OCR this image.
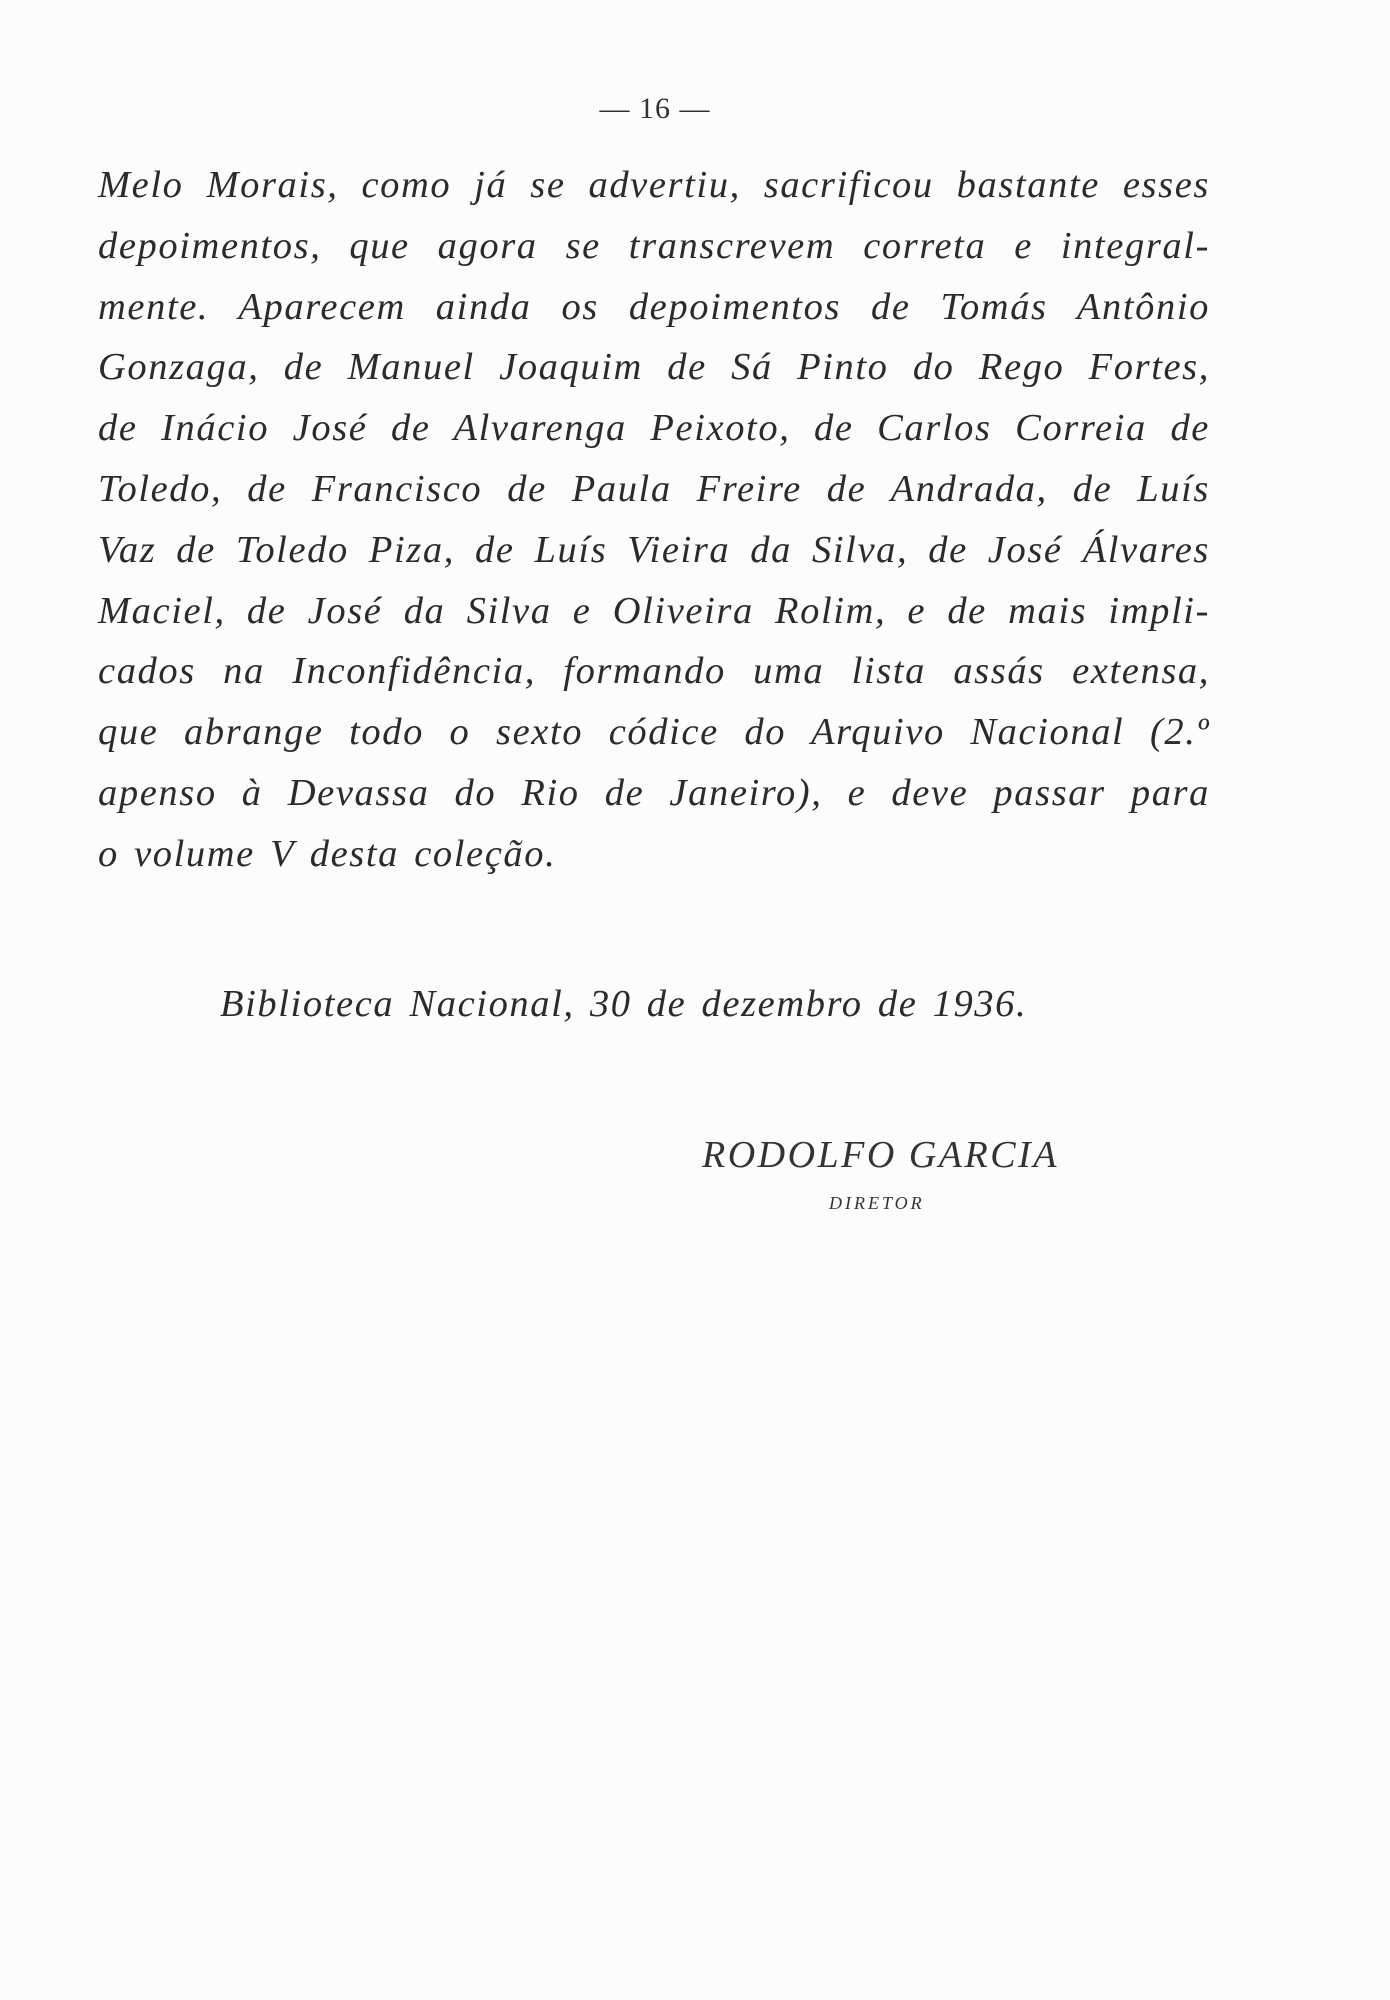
— 16 —
Melo Morais, como já se advertiu, sacrificou bastante esses
depoimentos, que agora se transcrevem correta e integral-
mente. Aparecem ainda os depoimentos de Tomás Antônio
Gonzaga, de Manuel Joaquim de Sá Pinto do Rego Fortes,
de Inácio José de Alvarenga Peixoto, de Carlos Correia de
Toledo, de Francisco de Paula Freire de Andrada, de Luís
Vaz de Toledo Piza, de Luís Vieira da Silva, de José Álvares
Maciel, de José da Silva e Oliveira Rolim, e de mais impli-
cados na Inconfidência, formando uma lista assás extensa,
que abrange todo o sexto códice do Arquivo Nacional (2.º
apenso à Devassa do Rio de Janeiro), e deve passar para
o volume V desta coleção.
Biblioteca Nacional, 30 de dezembro de 1936.
RODOLFO GARCIA
DIRETOR
